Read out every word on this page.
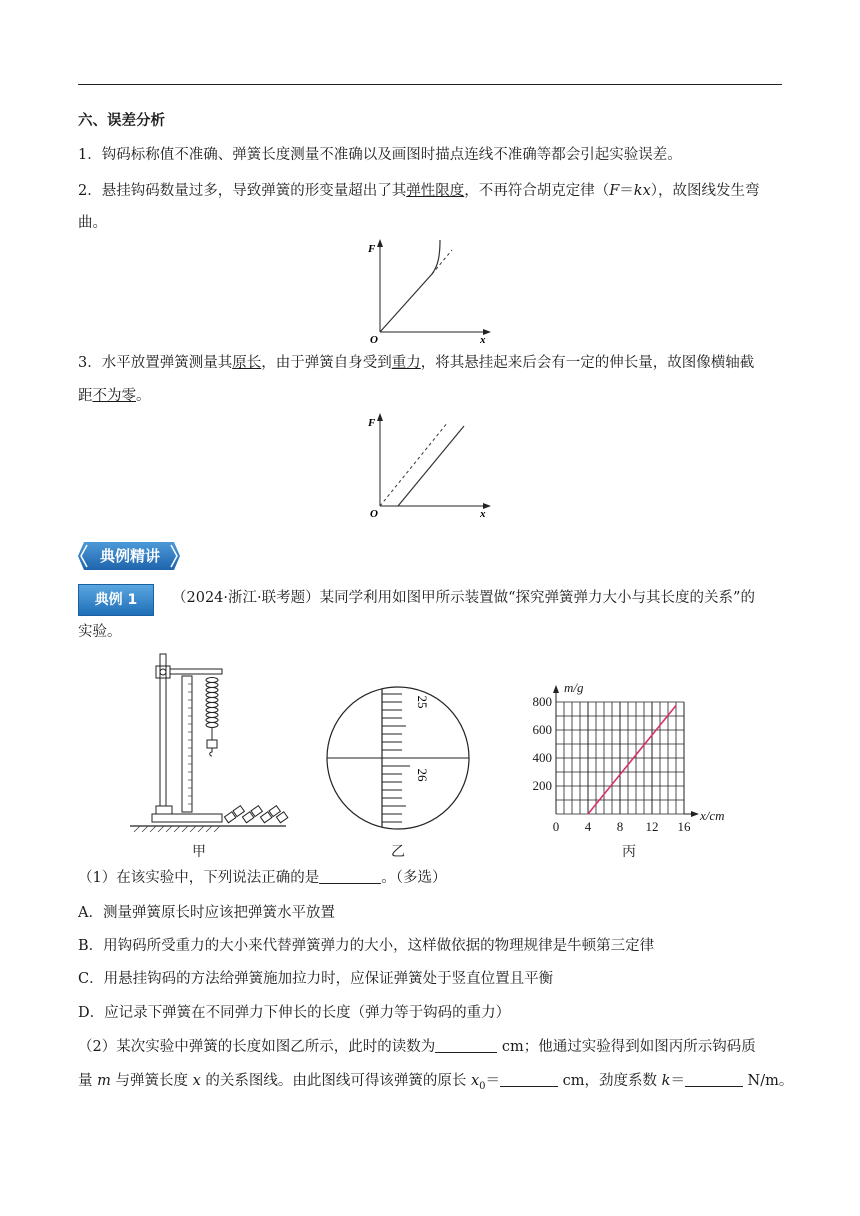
六、误差分析
1．钩码标称值不准确、弹簧长度测量不准确以及画图时描点连线不准确等都会引起实验误差。
2．悬挂钩码数量过多，导致弹簧的形变量超出了其弹性限度，不再符合胡克定律（F＝kx），故图线发生弯
曲。
F
O	x
3．水平放置弹簧测量其原长，由于弹簧自身受到重力，将其悬挂起来后会有一定的伸长量，故图像横轴截
距不为零。
F
O	x
典例精讲
典例 1	（2024·浙江·联考题）某同学利用如图甲所示装置做“探究弹簧弹力大小与其长度的关系”的
实验。
甲
25
26
乙
0 4 8 12 16
200
400
600
800
m/g
x/cm
丙
（1）在该实验中，下列说法正确的是	。（多选）
A．测量弹簧原长时应该把弹簧水平放置
B．用钩码所受重力的大小来代替弹簧弹力的大小，这样做依据的物理规律是牛顿第三定律
C．用悬挂钩码的方法给弹簧施加拉力时，应保证弹簧处于竖直位置且平衡
D．应记录下弹簧在不同弹力下伸长的长度（弹力等于钩码的重力）
（2）某次实验中弹簧的长度如图乙所示，此时的读数为	cm；他通过实验得到如图丙所示钩码质
量 m 与弹簧长度 x 的关系图线。由此图线可得该弹簧的原长 $x_0=$	cm，劲度系数 k＝	N/m。
